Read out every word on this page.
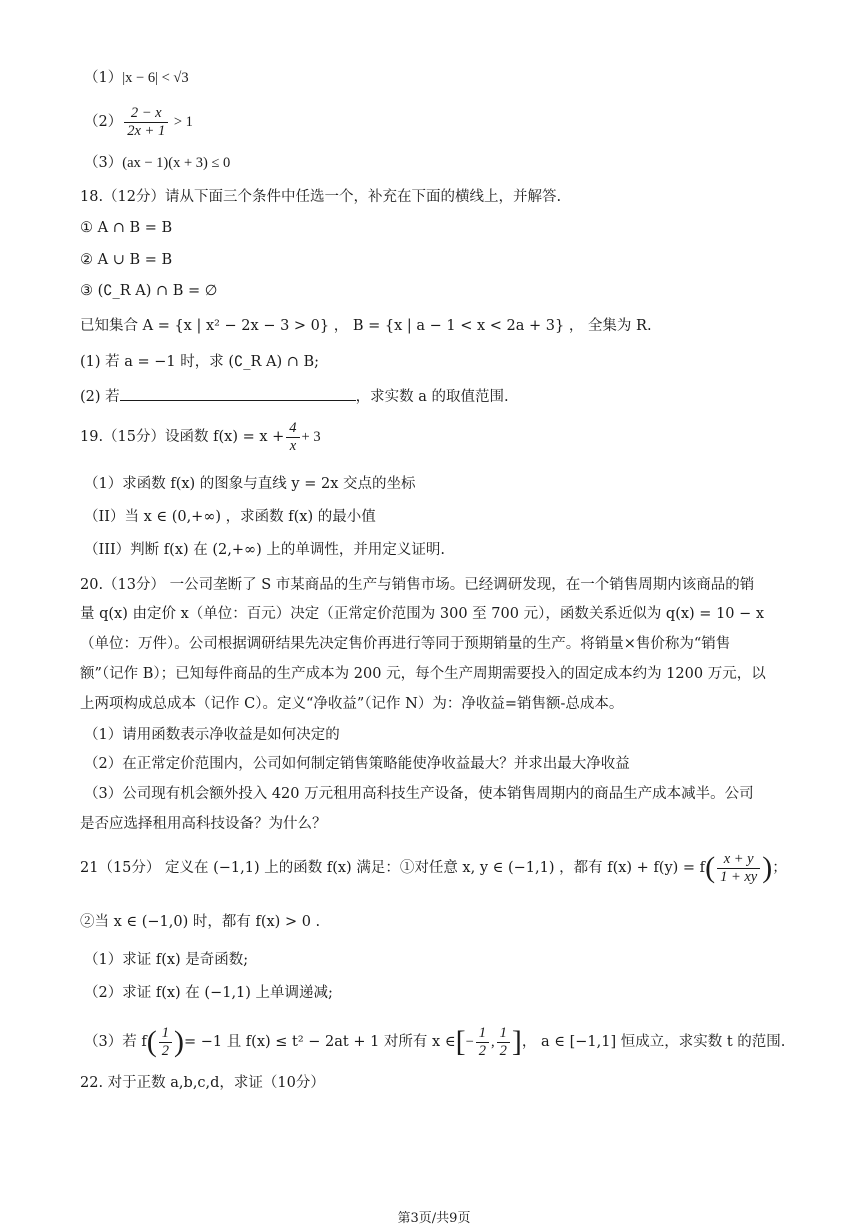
（1）|x − 6| < √3
$(2) \frac{2 - x}{2x + 1} > 1$
（3）(ax − 1)(x + 3) ≤ 0
18.（12分）请从下面三个条件中任选一个，补充在下面的横线上，并解答.
① A ∩ B = B
② A ∪ B = B
③ (∁_R A) ∩ B = ∅
已知集合 A = {x | x² − 2x − 3 > 0} ， B = {x | a − 1 < x < 2a + 3} ， 全集为 R.
(1) 若 a = −1 时，求 (∁_R A) ∩ B;
(2) 若	，求实数 a 的取值范围.
19.（15分）设函数 $f(x) = x + \frac{4}{x} + 3$
（1）求函数 f(x) 的图象与直线 y = 2x 交点的坐标
（II）当 x ∈ (0,+∞) ，求函数 f(x) 的最小值
（III）判断 f(x) 在 (2,+∞) 上的单调性，并用定义证明.
20.（13分） 一公司垄断了 S 市某商品的生产与销售市场。已经调研发现，在一个销售周期内该商品的销
量 q(x) 由定价 x（单位：百元）决定（正常定价范围为 300 至 700 元），函数关系近似为 q(x) = 10 − x
（单位：万件）。公司根据调研结果先决定售价再进行等同于预期销量的生产。将销量×售价称为“销售
额”（记作 B）；已知每件商品的生产成本为 200 元，每个生产周期需要投入的固定成本约为 1200 万元，以
上两项构成总成本（记作 C）。定义“净收益”（记作 N）为：净收益=销售额-总成本。
（1）请用函数表示净收益是如何决定的
（2）在正常定价范围内，公司如何制定销售策略能使净收益最大？并求出最大净收益
（3）公司现有机会额外投入 420 万元租用高科技生产设备，使本销售周期内的商品生产成本减半。公司
是否应选择租用高科技设备？为什么？
21（15分） 定义在 (−1,1) 上的函数 f(x) 满足：①对任意 x, y ∈ (−1,1) ，都有 $f(x) + f(y) = f( \frac{x + y}{1 + xy}$ )；
②当 x ∈ (−1,0) 时，都有 f(x) > 0 .
（1）求证 f(x) 是奇函数;
（2）求证 f(x) 在 (−1,1) 上单调递减;
（3）若 $f( \frac{1}{2}$ )= −1 且 f(x) ≤ t² − 2at + 1 对所有 x ∈[− $\frac{1}{2}$ , $\frac{1}{2}$ ]， a ∈ [−1,1] 恒成立，求实数 t 的范围.
22. 对于正数 a,b,c,d，求证（10分）
第3页/共9页
